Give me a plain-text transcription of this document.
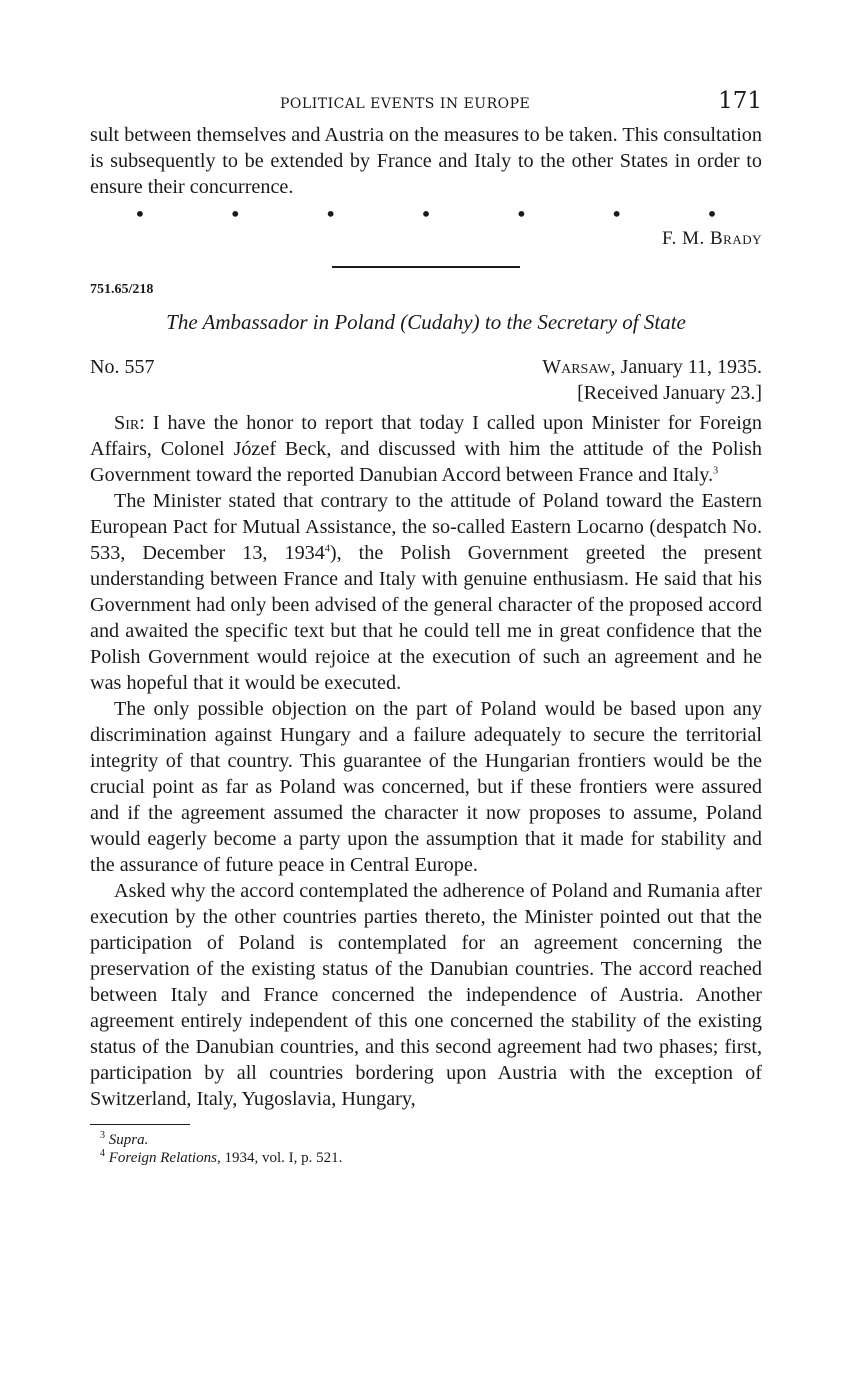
POLITICAL EVENTS IN EUROPE	171

sult between themselves and Austria on the measures to be taken. This consultation is subsequently to be extended by France and Italy to the other States in order to ensure their concurrence.

•	•	•	•	•	•	•
F. M. Brady
751.65/218
The Ambassador in Poland (Cudahy) to the Secretary of State
No. 557	Warsaw, January 11, 1935.
[Received January 23.]

Sir: I have the honor to report that today I called upon Minister for Foreign Affairs, Colonel Józef Beck, and discussed with him the attitude of the Polish Government toward the reported Danubian Accord between France and Italy.$^3$

The Minister stated that contrary to the attitude of Poland toward the Eastern European Pact for Mutual Assistance, the so-called Eastern Locarno (despatch No. 533, December 13, 1934$^4$), the Polish Government greeted the present understanding between France and Italy with genuine enthusiasm. He said that his Government had only been advised of the general character of the proposed accord and awaited the specific text but that he could tell me in great confidence that the Polish Government would rejoice at the execution of such an agreement and he was hopeful that it would be executed.

The only possible objection on the part of Poland would be based upon any discrimination against Hungary and a failure adequately to secure the territorial integrity of that country. This guarantee of the Hungarian frontiers would be the crucial point as far as Poland was concerned, but if these frontiers were assured and if the agreement assumed the character it now proposes to assume, Poland would eagerly become a party upon the assumption that it made for stability and the assurance of future peace in Central Europe.

Asked why the accord contemplated the adherence of Poland and Rumania after execution by the other countries parties thereto, the Minister pointed out that the participation of Poland is contemplated for an agreement concerning the preservation of the existing status of the Danubian countries. The accord reached between Italy and France concerned the independence of Austria. Another agreement entirely independent of this one concerned the stability of the existing status of the Danubian countries, and this second agreement had two phases; first, participation by all countries bordering upon Austria with the exception of Switzerland, Italy, Yugoslavia, Hungary,

$^3$ Supra.
$^4$ Foreign Relations, 1934, vol. I, p. 521.
